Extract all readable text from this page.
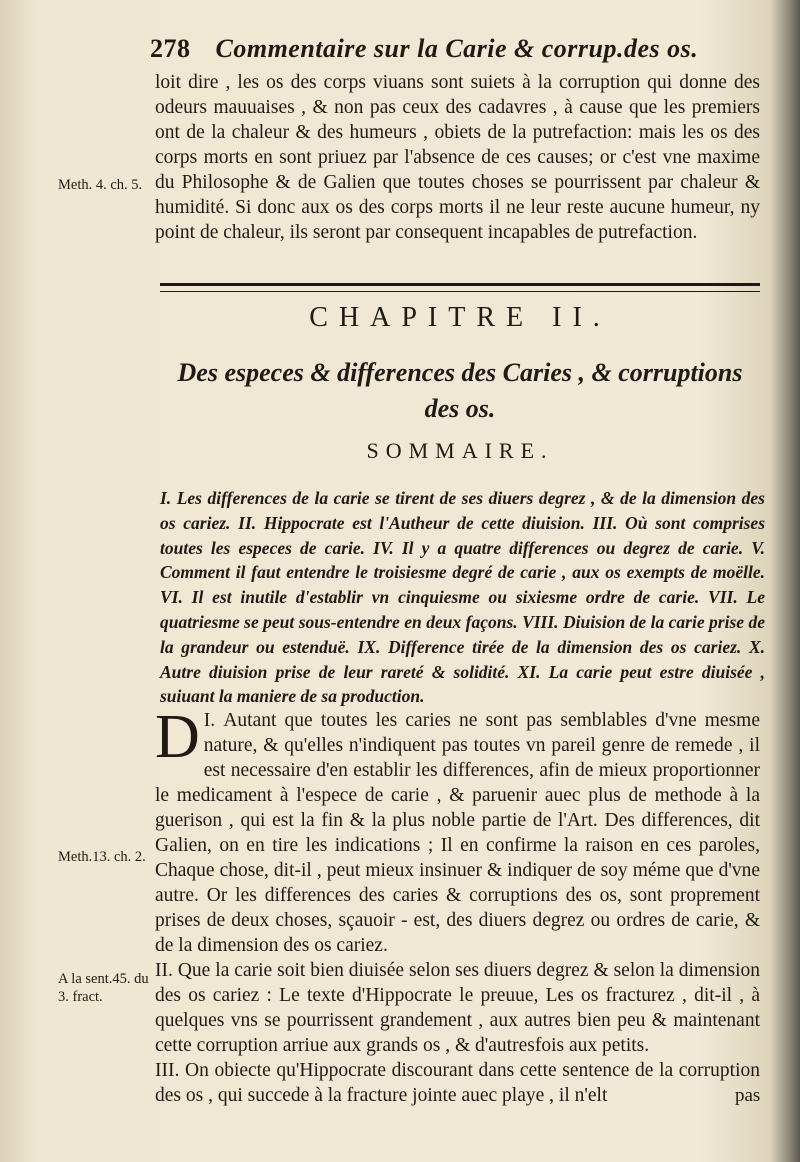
278 Commentaire sur la Carie & corrup.des os.

loit dire , les os des corps viuans sont suiets à la corruption qui donne des odeurs mauuaises , & non pas ceux des cadavres , à cause que les premiers ont de la chaleur & des humeurs , obiets de la putrefaction: mais les os des corps morts en sont priuez par l'absence de ces causes; or c'est vne maxime du Philosophe & de Galien que toutes choses se pourrissent par chaleur & humidité. Si donc aux os des corps morts il ne leur reste aucune humeur, ny point de chaleur, ils seront par consequent incapables de putrefaction.

Meth. 4. ch. 5.
CHAPITRE II.
Des especes & differences des Caries , & corruptions des os.
SOMMAIRE.
I. Les differences de la carie se tirent de ses diuers degrez , & de la dimension des os cariez. II. Hippocrate est l'Autheur de cette diuision. III. Où sont comprises toutes les especes de carie. IV. Il y a quatre differences ou degrez de carie. V. Comment il faut entendre le troisiesme degré de carie , aux os exempts de moëlle. VI. Il est inutile d'establir vn cinquiesme ou sixiesme ordre de carie. VII. Le quatriesme se peut sous-entendre en deux façons. VIII. Diuision de la carie prise de la grandeur ou estenduë. IX. Difference tirée de la dimension des os cariez. X. Autre diuision prise de leur rareté & solidité. XI. La carie peut estre diuisée , suiuant la maniere de sa production.

I.
D Autant que toutes les caries ne sont pas semblables d'vne mesme nature, & qu'elles n'indiquent pas toutes vn pareil genre de remede , il est necessaire d'en establir les differences, afin de mieux proportionner le medicament à l'espece de carie , & paruenir auec plus de methode à la guerison , qui est la fin & la plus noble partie de l'Art. Des differences, dit Galien, on en tire les indications ; Il en confirme la raison en ces paroles, Chaque chose, dit-il , peut mieux insinuer & indiquer de soy méme que d'vne autre. Or les differences des caries & corruptions des os, sont proprement prises de deux choses, sçauoir - est, des diuers degrez ou ordres de carie, & de la dimension des os cariez.

II. Que la carie soit bien diuisée selon ses diuers degrez & selon la dimension des os cariez : Le texte d'Hippocrate le preuue, Les os fracturez , dit-il , à quelques vns se pourrissent grandement , aux autres bien peu & maintenant cette corruption arriue aux grands os , & d'autresfois aux petits.

III. On obiecte qu'Hippocrate discourant dans cette sentence de la corruption des os , qui succede à la fracture jointe auec playe , il n'elt

Meth.13. ch. 2.
A la sent.45. du 3. fract.
pas
